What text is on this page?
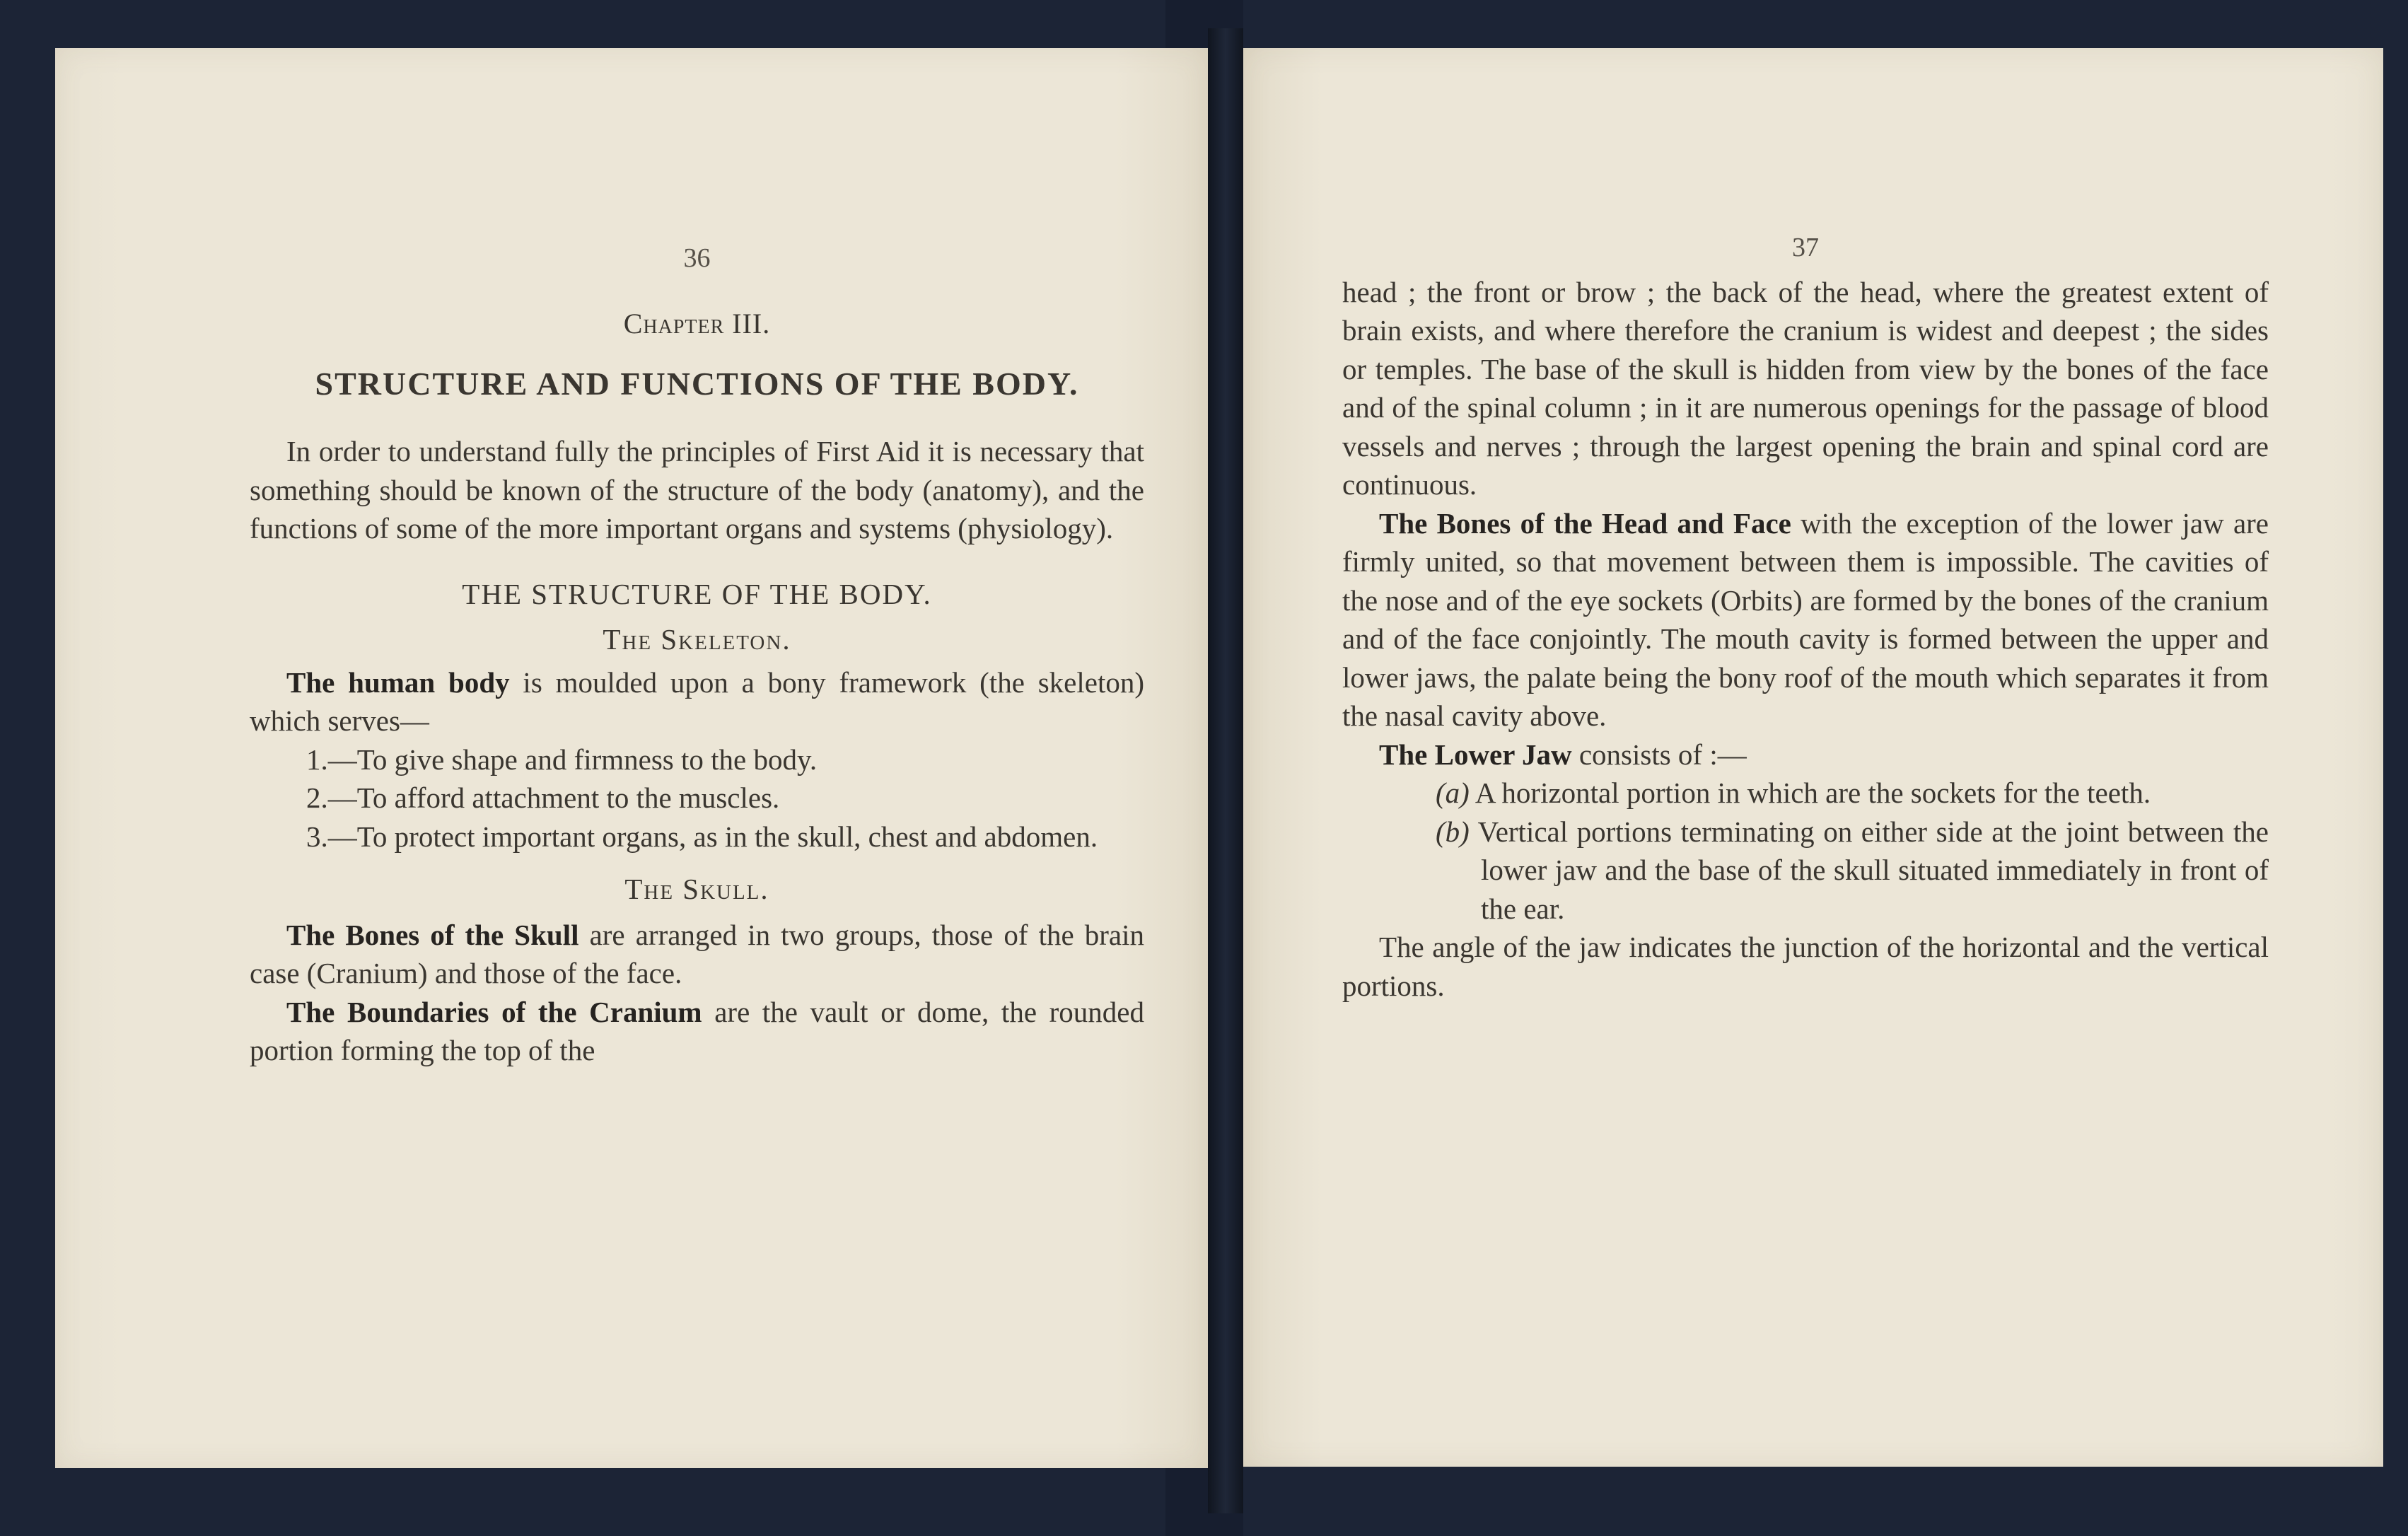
36
Chapter III.
STRUCTURE AND FUNCTIONS OF THE BODY.

In order to understand fully the principles of First Aid it is necessary that something should be known of the structure of the body (anatomy), and the functions of some of the more important organs and systems (physiology).

THE STRUCTURE OF THE BODY.
The Skeleton.

The human body is moulded upon a bony framework (the skeleton) which serves—

1.—To give shape and firmness to the body.
2.—To afford attachment to the muscles.
3.—To protect important organs, as in the skull, chest and abdomen.
The Skull.

The Bones of the Skull are arranged in two groups, those of the brain case (Cranium) and those of the face.

The Boundaries of the Cranium are the vault or dome, the rounded portion forming the top of the

37

head ; the front or brow ; the back of the head, where the greatest extent of brain exists, and where therefore the cranium is widest and deepest ; the sides or temples. The base of the skull is hidden from view by the bones of the face and of the spinal column ; in it are numerous openings for the passage of blood vessels and nerves ; through the largest opening the brain and spinal cord are continuous.

The Bones of the Head and Face with the exception of the lower jaw are firmly united, so that movement between them is impossible. The cavities of the nose and of the eye sockets (Orbits) are formed by the bones of the cranium and of the face conjointly. The mouth cavity is formed between the upper and lower jaws, the palate being the bony roof of the mouth which separates it from the nasal cavity above.

The Lower Jaw consists of :—

(a) A horizontal portion in which are the sockets for the teeth.
(b) Vertical portions terminating on either side at the joint between the lower jaw and the base of the skull situated immediately in front of the ear.

The angle of the jaw indicates the junction of the horizontal and the vertical portions.
